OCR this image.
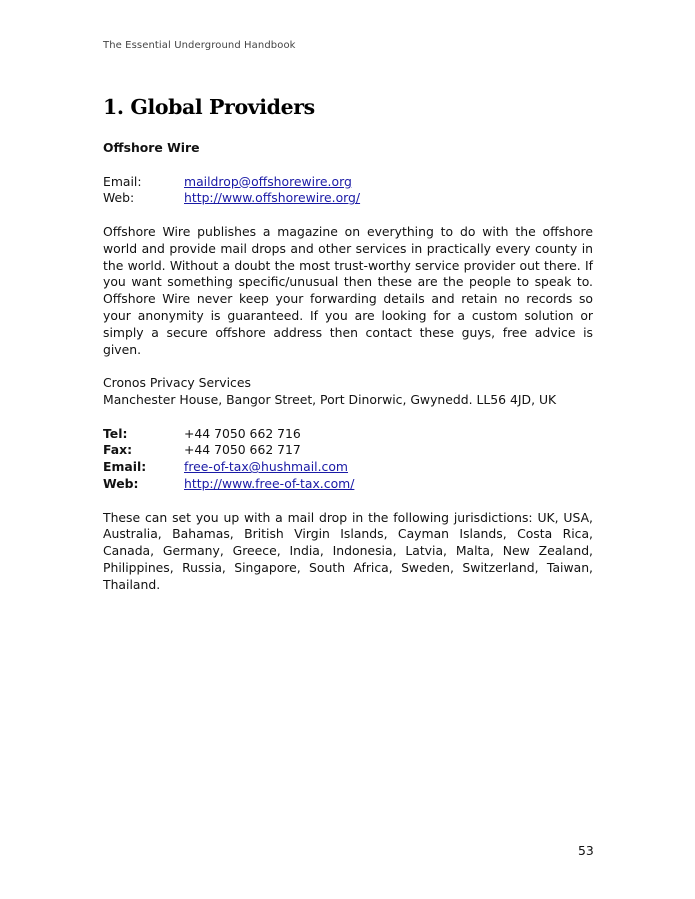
The Essential Underground Handbook
1. Global Providers

Offshore Wire

Email:	maildrop@offshorewire.org
Web:	http://www.offshorewire.org/

Offshore Wire publishes a magazine on everything to do with the offshore world and provide mail drops and other services in practically every county in the world. Without a doubt the most trust-worthy service provider out there. If you want something specific/unusual then these are the people to speak to. Offshore Wire never keep your forwarding details and retain no records so your anonymity is guaranteed. If you are looking for a custom solution or simply a secure offshore address then contact these guys, free advice is given.

Cronos Privacy Services

Manchester House, Bangor Street, Port Dinorwic, Gwynedd. LL56 4JD, UK

Tel:	+44 7050 662 716
Fax:	+44 7050 662 717
Email:	free-of-tax@hushmail.com
Web:	http://www.free-of-tax.com/

These can set you up with a mail drop in the following jurisdictions: UK, USA, Australia, Bahamas, British Virgin Islands, Cayman Islands, Costa Rica, Canada, Germany, Greece, India, Indonesia, Latvia, Malta, New Zealand, Philippines, Russia, Singapore, South Africa, Sweden, Switzerland, Taiwan, Thailand.

53
